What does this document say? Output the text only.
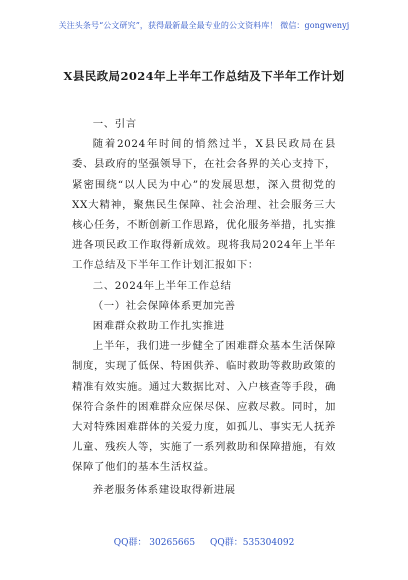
关注头条号“公文研究”，获得最新最全最专业的公文资料库！ 微信：gongwenyj
X县民政局2024年上半年工作总结及下半年工作计划
一、引言

随着2024年时间的悄然过半，X县民政局在县委、县政府的坚强领导下，在社会各界的关心支持下，紧密围绕“以人民为中心”的发展思想，深入贯彻党的XX大精神，聚焦民生保障、社会治理、社会服务三大核心任务，不断创新工作思路，优化服务举措，扎实推进各项民政工作取得新成效。现将我局2024年上半年工作总结及下半年工作计划汇报如下：

二、2024年上半年工作总结
（一）社会保障体系更加完善
困难群众救助工作扎实推进

上半年，我们进一步健全了困难群众基本生活保障制度，实现了低保、特困供养、临时救助等救助政策的精准有效实施。通过大数据比对、入户核查等手段，确保符合条件的困难群众应保尽保、应救尽救。同时，加大对特殊困难群体的关爱力度，如孤儿、事实无人抚养儿童、残疾人等，实施了一系列救助和保障措施，有效保障了他们的基本生活权益。

养老服务体系建设取得新进展
QQ群： 30265665 QQ群：535304092
